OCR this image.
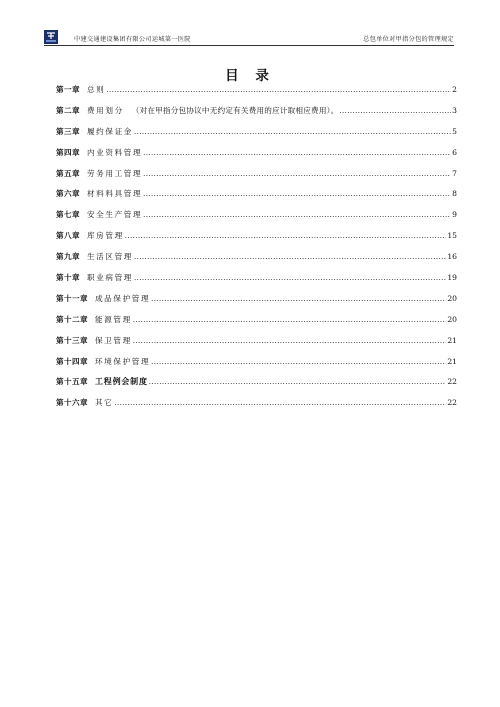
中建交通建设集团有限公司运城第一医院	总包单位对甲指分包的管理规定
目 录
第一章 总则 .....	2
第二章 费用划分 （对在甲指分包协议中无约定有关费用的应计取相应费用）。 .....	3
第三章 履约保证金 .....	5
第四章 内业资料管理 .....	6
第五章 劳务用工管理 .....	7
第六章 材料料具管理 .....	8
第七章 安全生产管理 .....	9
第八章 库房管理 .....	15
第九章 生活区管理 .....	16
第十章 职业病管理 .....	19
第十一章 成品保护管理 .....	20
第十二章 能源管理 .....	20
第十三章 保卫管理 .....	21
第十四章 环境保护管理 .....	21
第十五章 工程例会制度 .....	22
第十六章 其它 .....	22
